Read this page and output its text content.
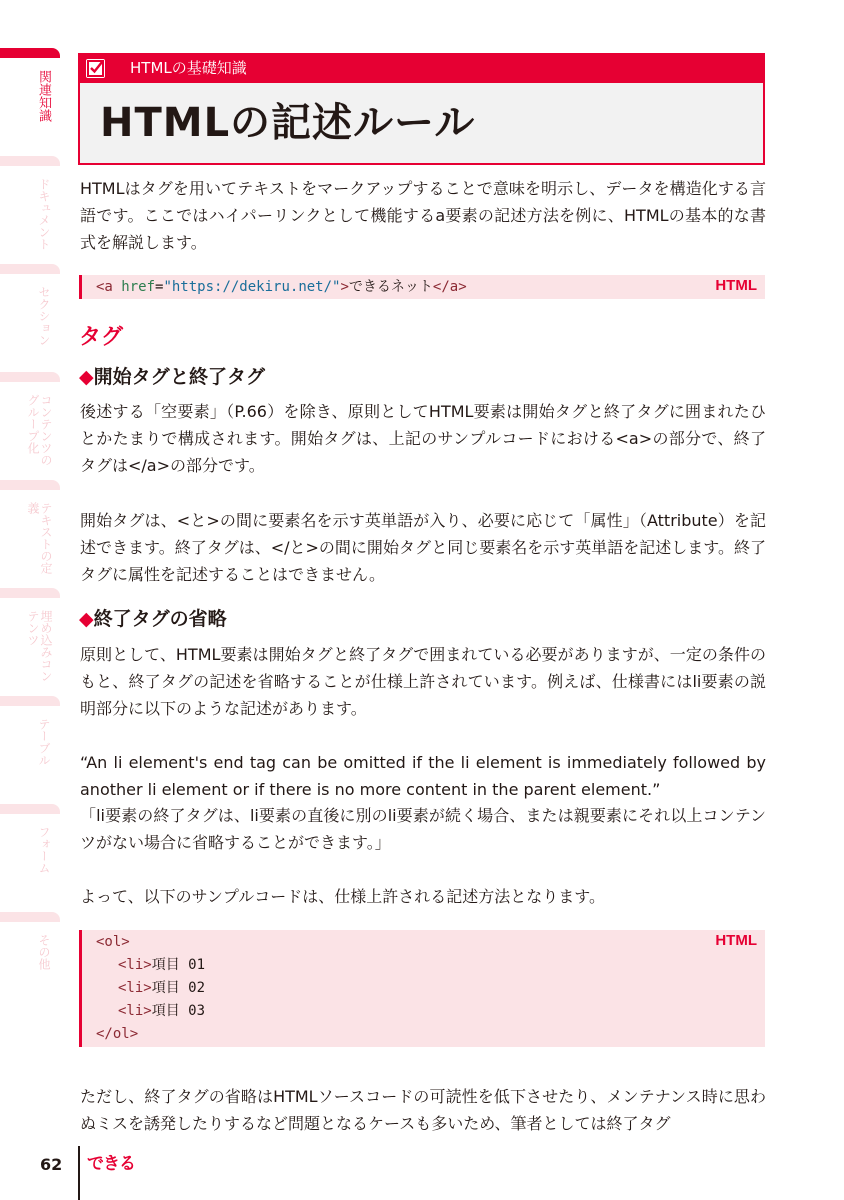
関連知識
ドキュメント
セクション
コンテンツのグループ化
テキストの定義
埋め込みコンテンツ
テーブル
フォーム
その他
HTMLの基礎知識
HTMLの記述ルール

HTMLはタグを用いてテキストをマークアップすることで意味を明示し、データを構造化する言語です。ここではハイパーリンクとして機能するa要素の記述方法を例に、HTMLの基本的な書式を解説します。

<a href="https://dekiru.net/">できるネット</a>	HTML
タグ
◆開始タグと終了タグ

後述する「空要素」（P.66）を除き、原則としてHTML要素は開始タグと終了タグに囲まれたひとかたまりで構成されます。開始タグは、上記のサンプルコードにおける<a>の部分で、終了タグは</a>の部分です。

開始タグは、<と>の間に要素名を示す英単語が入り、必要に応じて「属性」（Attribute）を記述できます。終了タグは、</と>の間に開始タグと同じ要素名を示す英単語を記述します。終了タグに属性を記述することはできません。

◆終了タグの省略

原則として、HTML要素は開始タグと終了タグで囲まれている必要がありますが、一定の条件のもと、終了タグの記述を省略することが仕様上許されています。例えば、仕様書にはli要素の説明部分に以下のような記述があります。

“An li element's end tag can be omitted if the li element is immediately followed by another li element or if there is no more content in the parent element.”

「li要素の終了タグは、li要素の直後に別のli要素が続く場合、または親要素にそれ以上コンテンツがない場合に省略することができます。」

よって、以下のサンプルコードは、仕様上許される記述方法となります。

HTML
<ol>
<li>項目 01
<li>項目 02
<li>項目 03
</ol>

ただし、終了タグの省略はHTMLソースコードの可読性を低下させたり、メンテナンス時に思わぬミスを誘発したりするなど問題となるケースも多いため、筆者としては終了タグ

62 できる
